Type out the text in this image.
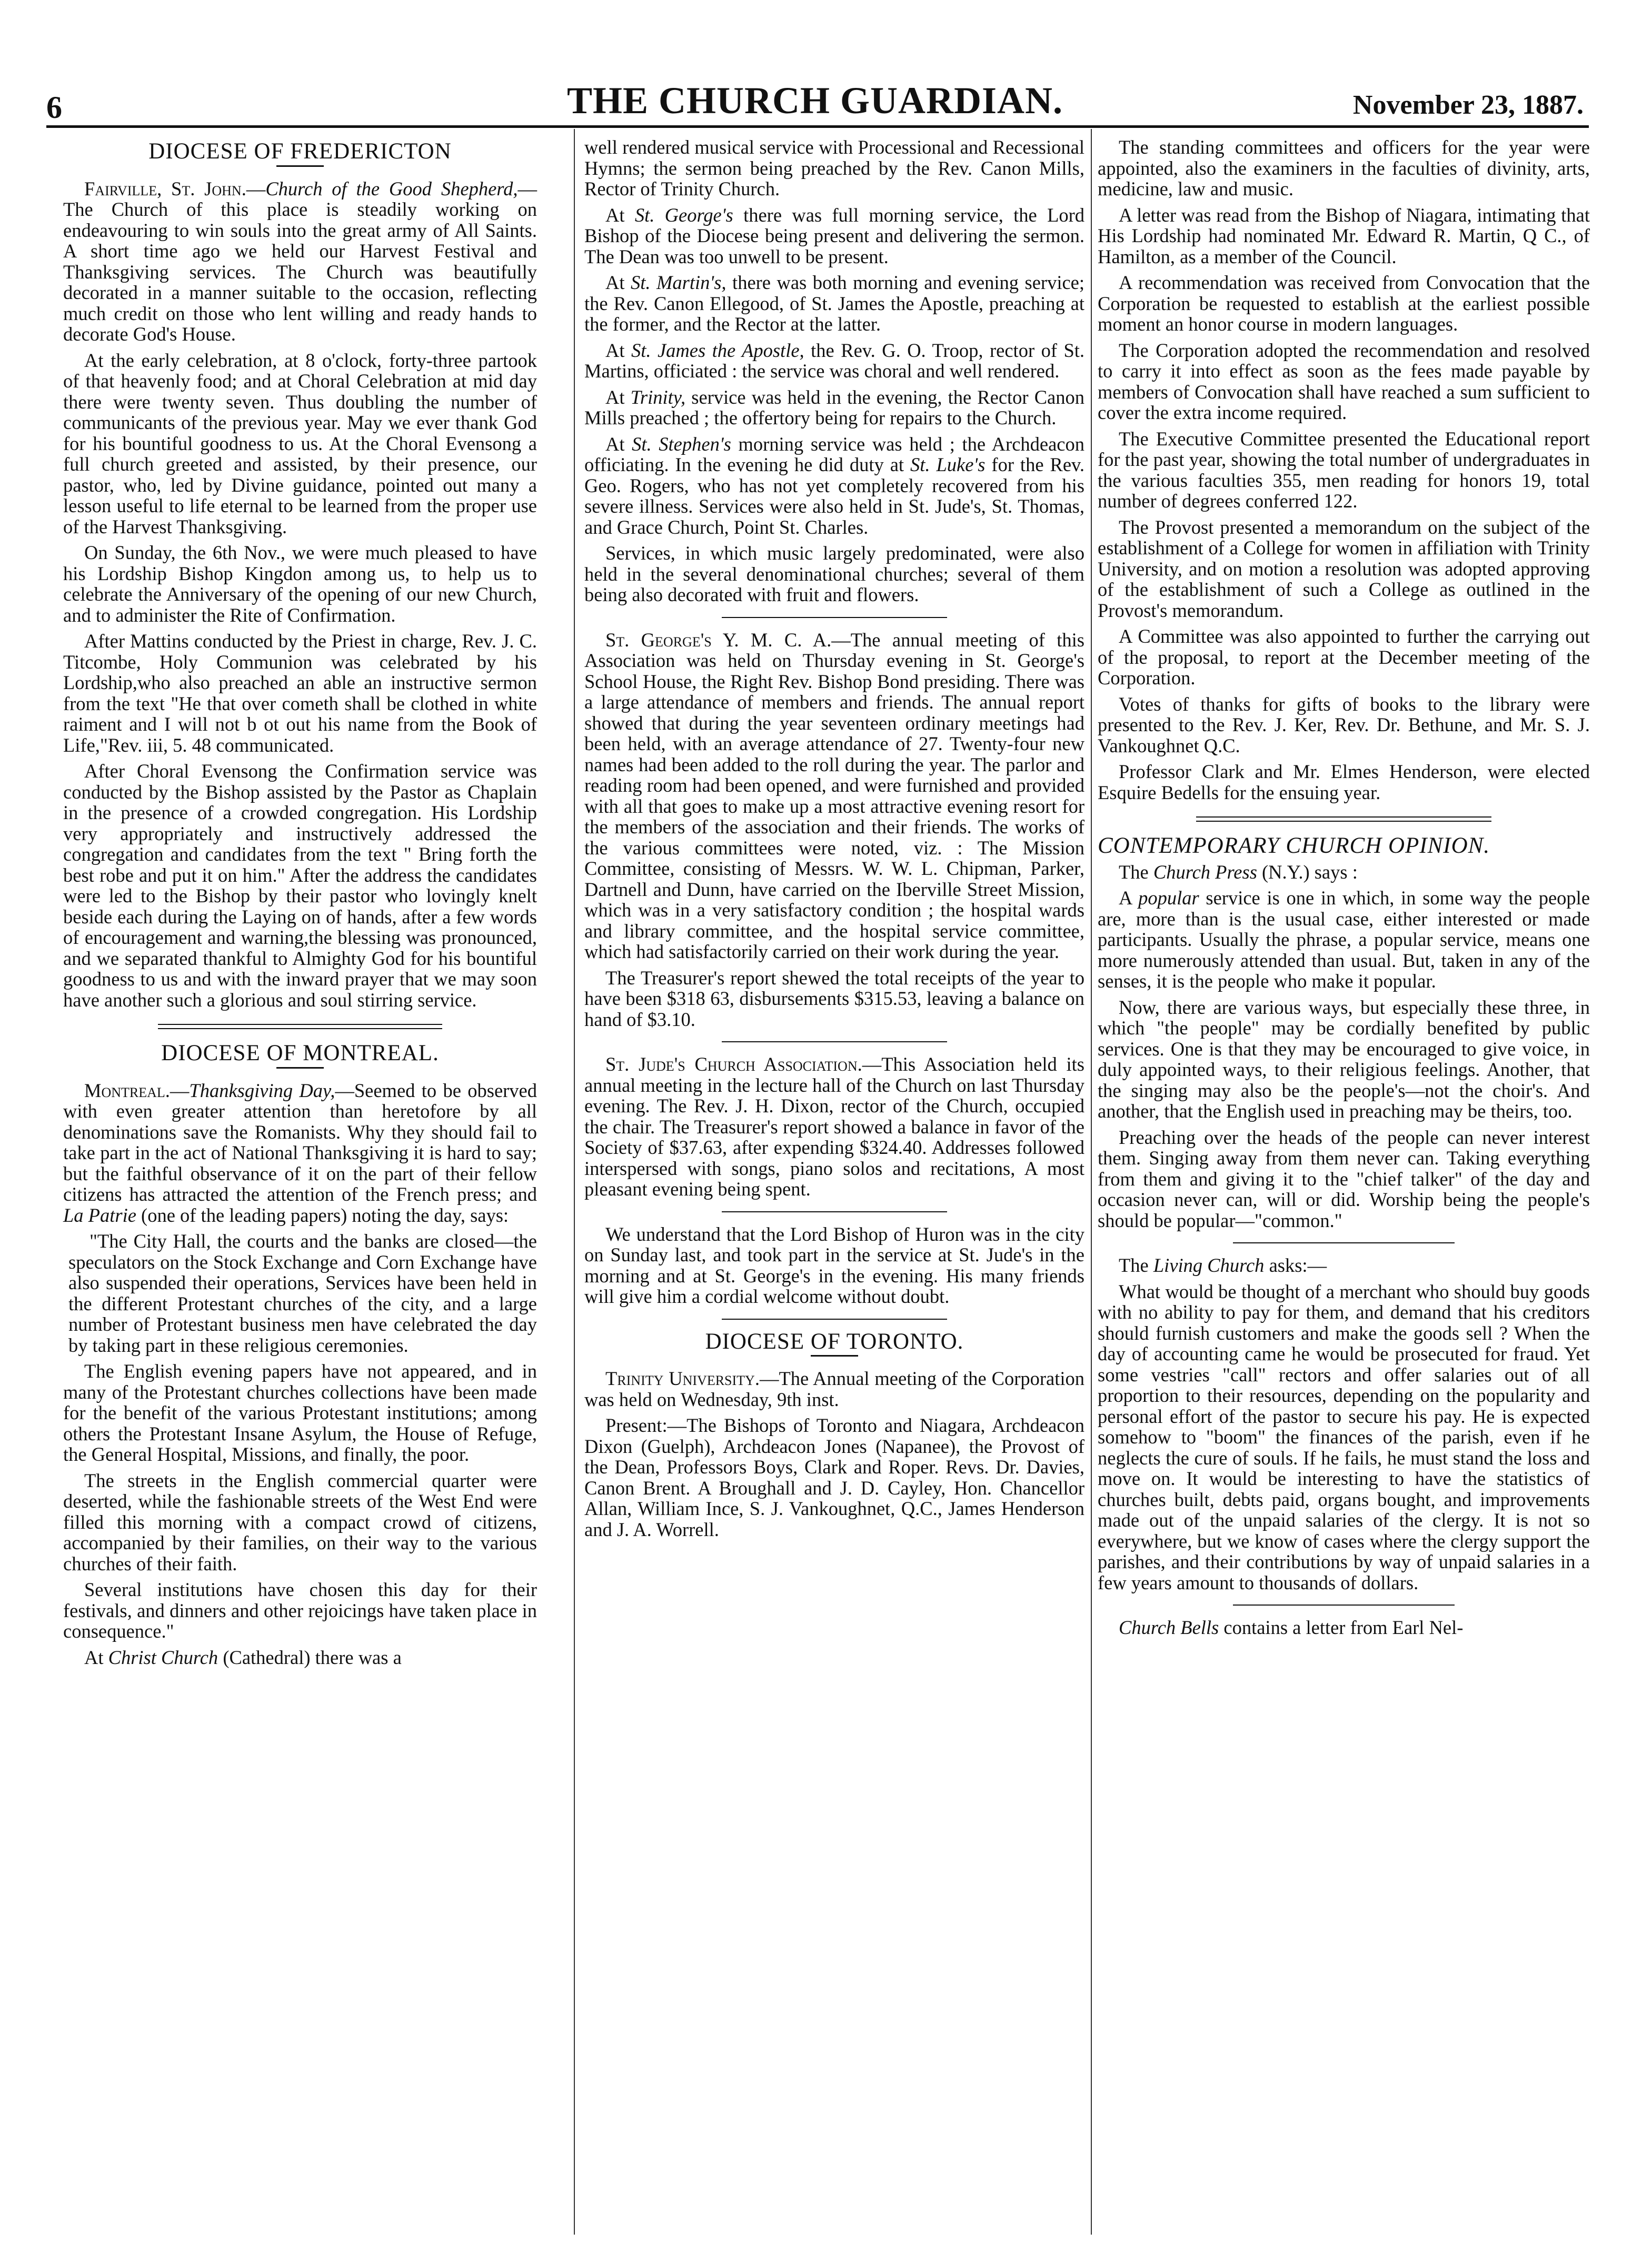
6	THE CHURCH GUARDIAN.	November 23, 1887.
DIOCESE OF FREDERICTON

Fairville, St. John.—Church of the Good Shepherd,—The Church of this place is steadily working on endeavouring to win souls into the great army of All Saints. A short time ago we held our Harvest Festival and Thanksgiving services. The Church was beautifully decorated in a manner suitable to the occasion, reflecting much credit on those who lent willing and ready hands to decorate God's House.

At the early celebration, at 8 o'clock, forty-three partook of that heavenly food; and at Choral Celebration at mid day there were twenty seven. Thus doubling the number of communicants of the previous year. May we ever thank God for his bountiful goodness to us. At the Choral Evensong a full church greeted and assisted, by their presence, our pastor, who, led by Divine guidance, pointed out many a lesson useful to life eternal to be learned from the proper use of the Harvest Thanksgiving.

On Sunday, the 6th Nov., we were much pleased to have his Lordship Bishop Kingdon among us, to help us to celebrate the Anniversary of the opening of our new Church, and to administer the Rite of Confirmation.

After Mattins conducted by the Priest in charge, Rev. J. C. Titcombe, Holy Communion was celebrated by his Lordship,who also preached an able an instructive sermon from the text "He that over cometh shall be clothed in white raiment and I will not b ot out his name from the Book of Life,"Rev. iii, 5. 48 communicated.

After Choral Evensong the Confirmation service was conducted by the Bishop assisted by the Pastor as Chaplain in the presence of a crowded congregation. His Lordship very appropriately and instructively addressed the congregation and candidates from the text " Bring forth the best robe and put it on him." After the address the candidates were led to the Bishop by their pastor who lovingly knelt beside each during the Laying on of hands, after a few words of encouragement and warning,the blessing was pronounced, and we separated thankful to Almighty God for his bountiful goodness to us and with the inward prayer that we may soon have another such a glorious and soul stirring service.

DIOCESE OF MONTREAL.

Montreal.—Thanksgiving Day,—Seemed to be observed with even greater attention than heretofore by all denominations save the Romanists. Why they should fail to take part in the act of National Thanksgiving it is hard to say; but the faithful observance of it on the part of their fellow citizens has attracted the attention of the French press; and La Patrie (one of the leading papers) noting the day, says:

"The City Hall, the courts and the banks are closed—the speculators on the Stock Exchange and Corn Exchange have also suspended their operations, Services have been held in the different Protestant churches of the city, and a large number of Protestant business men have celebrated the day by taking part in these religious ceremonies.

The English evening papers have not appeared, and in many of the Protestant churches collections have been made for the benefit of the various Protestant institutions; among others the Protestant Insane Asylum, the House of Refuge, the General Hospital, Missions, and finally, the poor.

The streets in the English commercial quarter were deserted, while the fashionable streets of the West End were filled this morning with a compact crowd of citizens, accompanied by their families, on their way to the various churches of their faith.

Several institutions have chosen this day for their festivals, and dinners and other rejoicings have taken place in consequence."

At Christ Church (Cathedral) there was a

well rendered musical service with Processional and Recessional Hymns; the sermon being preached by the Rev. Canon Mills, Rector of Trinity Church.

At St. George's there was full morning service, the Lord Bishop of the Diocese being present and delivering the sermon. The Dean was too unwell to be present.

At St. Martin's, there was both morning and evening service; the Rev. Canon Ellegood, of St. James the Apostle, preaching at the former, and the Rector at the latter.

At St. James the Apostle, the Rev. G. O. Troop, rector of St. Martins, officiated : the service was choral and well rendered.

At Trinity, service was held in the evening, the Rector Canon Mills preached ; the offertory being for repairs to the Church.

At St. Stephen's morning service was held ; the Archdeacon officiating. In the evening he did duty at St. Luke's for the Rev. Geo. Rogers, who has not yet completely recovered from his severe illness. Services were also held in St. Jude's, St. Thomas, and Grace Church, Point St. Charles.

Services, in which music largely predominated, were also held in the several denominational churches; several of them being also decorated with fruit and flowers.

St. George's Y. M. C. A.—The annual meeting of this Association was held on Thursday evening in St. George's School House, the Right Rev. Bishop Bond presiding. There was a large attendance of members and friends. The annual report showed that during the year seventeen ordinary meetings had been held, with an average attendance of 27. Twenty-four new names had been added to the roll during the year. The parlor and reading room had been opened, and were furnished and provided with all that goes to make up a most attractive evening resort for the members of the association and their friends. The works of the various committees were noted, viz. : The Mission Committee, consisting of Messrs. W. W. L. Chipman, Parker, Dartnell and Dunn, have carried on the Iberville Street Mission, which was in a very satisfactory condition ; the hospital wards and library committee, and the hospital service committee, which had satisfactorily carried on their work during the year.

The Treasurer's report shewed the total receipts of the year to have been $318 63, disbursements $315.53, leaving a balance on hand of $3.10.

St. Jude's Church Association.—This Association held its annual meeting in the lecture hall of the Church on last Thursday evening. The Rev. J. H. Dixon, rector of the Church, occupied the chair. The Treasurer's report showed a balance in favor of the Society of $37.63, after expending $324.40. Addresses followed interspersed with songs, piano solos and recitations, A most pleasant evening being spent.

We understand that the Lord Bishop of Huron was in the city on Sunday last, and took part in the service at St. Jude's in the morning and at St. George's in the evening. His many friends will give him a cordial welcome without doubt.

DIOCESE OF TORONTO.

Trinity University.—The Annual meeting of the Corporation was held on Wednesday, 9th inst.

Present:—The Bishops of Toronto and Niagara, Archdeacon Dixon (Guelph), Archdeacon Jones (Napanee), the Provost of the Dean, Professors Boys, Clark and Roper. Revs. Dr. Davies, Canon Brent. A Broughall and J. D. Cayley, Hon. Chancellor Allan, William Ince, S. J. Vankoughnet, Q.C., James Henderson and J. A. Worrell.

The standing committees and officers for the year were appointed, also the examiners in the faculties of divinity, arts, medicine, law and music.

A letter was read from the Bishop of Niagara, intimating that His Lordship had nominated Mr. Edward R. Martin, Q C., of Hamilton, as a member of the Council.

A recommendation was received from Convocation that the Corporation be requested to establish at the earliest possible moment an honor course in modern languages.

The Corporation adopted the recommendation and resolved to carry it into effect as soon as the fees made payable by members of Convocation shall have reached a sum sufficient to cover the extra income required.

The Executive Committee presented the Educational report for the past year, showing the total number of undergraduates in the various faculties 355, men reading for honors 19, total number of degrees conferred 122.

The Provost presented a memorandum on the subject of the establishment of a College for women in affiliation with Trinity University, and on motion a resolution was adopted approving of the establishment of such a College as outlined in the Provost's memorandum.

A Committee was also appointed to further the carrying out of the proposal, to report at the December meeting of the Corporation.

Votes of thanks for gifts of books to the library were presented to the Rev. J. Ker, Rev. Dr. Bethune, and Mr. S. J. Vankoughnet Q.C.

Professor Clark and Mr. Elmes Henderson, were elected Esquire Bedells for the ensuing year.

CONTEMPORARY CHURCH OPINION.

The Church Press (N.Y.) says :

A popular service is one in which, in some way the people are, more than is the usual case, either interested or made participants. Usually the phrase, a popular service, means one more numerously attended than usual. But, taken in any of the senses, it is the people who make it popular.

Now, there are various ways, but especially these three, in which "the people" may be cordially benefited by public services. One is that they may be encouraged to give voice, in duly appointed ways, to their religious feelings. Another, that the singing may also be the people's—not the choir's. And another, that the English used in preaching may be theirs, too.

Preaching over the heads of the people can never interest them. Singing away from them never can. Taking everything from them and giving it to the "chief talker" of the day and occasion never can, will or did. Worship being the people's should be popular—"common."

The Living Church asks:—

What would be thought of a merchant who should buy goods with no ability to pay for them, and demand that his creditors should furnish customers and make the goods sell ? When the day of accounting came he would be prosecuted for fraud. Yet some vestries "call" rectors and offer salaries out of all proportion to their resources, depending on the popularity and personal effort of the pastor to secure his pay. He is expected somehow to "boom" the finances of the parish, even if he neglects the cure of souls. If he fails, he must stand the loss and move on. It would be interesting to have the statistics of churches built, debts paid, organs bought, and improvements made out of the unpaid salaries of the clergy. It is not so everywhere, but we know of cases where the clergy support the parishes, and their contributions by way of unpaid salaries in a few years amount to thousands of dollars.

Church Bells contains a letter from Earl Nel-
